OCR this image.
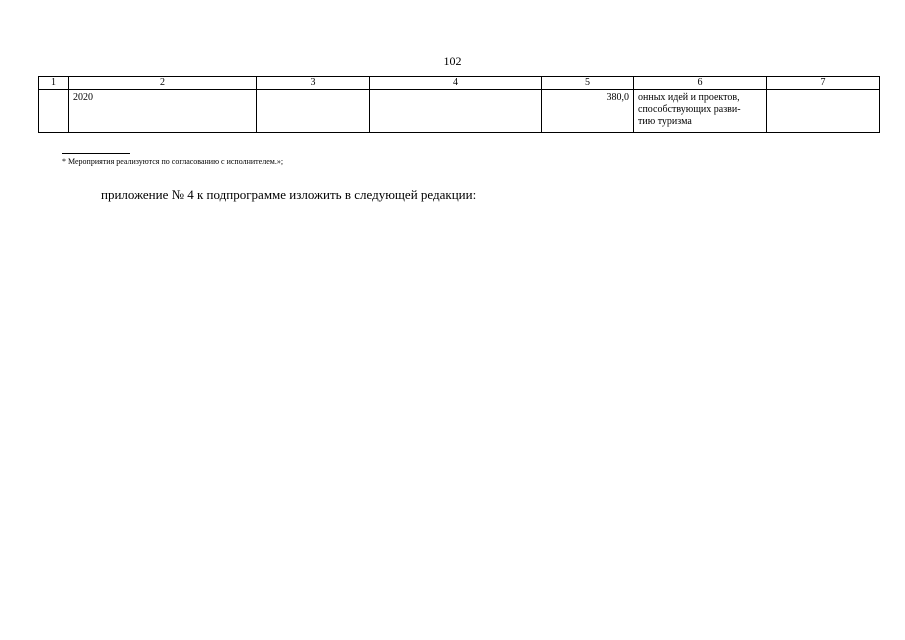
102
1	2	3	4	5	6	7
	2020			380,0	онных идей и проектов,
способствующих разви-
тию туризма	

* Мероприятия реализуются по согласованию с исполнителем.»;
приложение № 4 к подпрограмме изложить в следующей редакции:
